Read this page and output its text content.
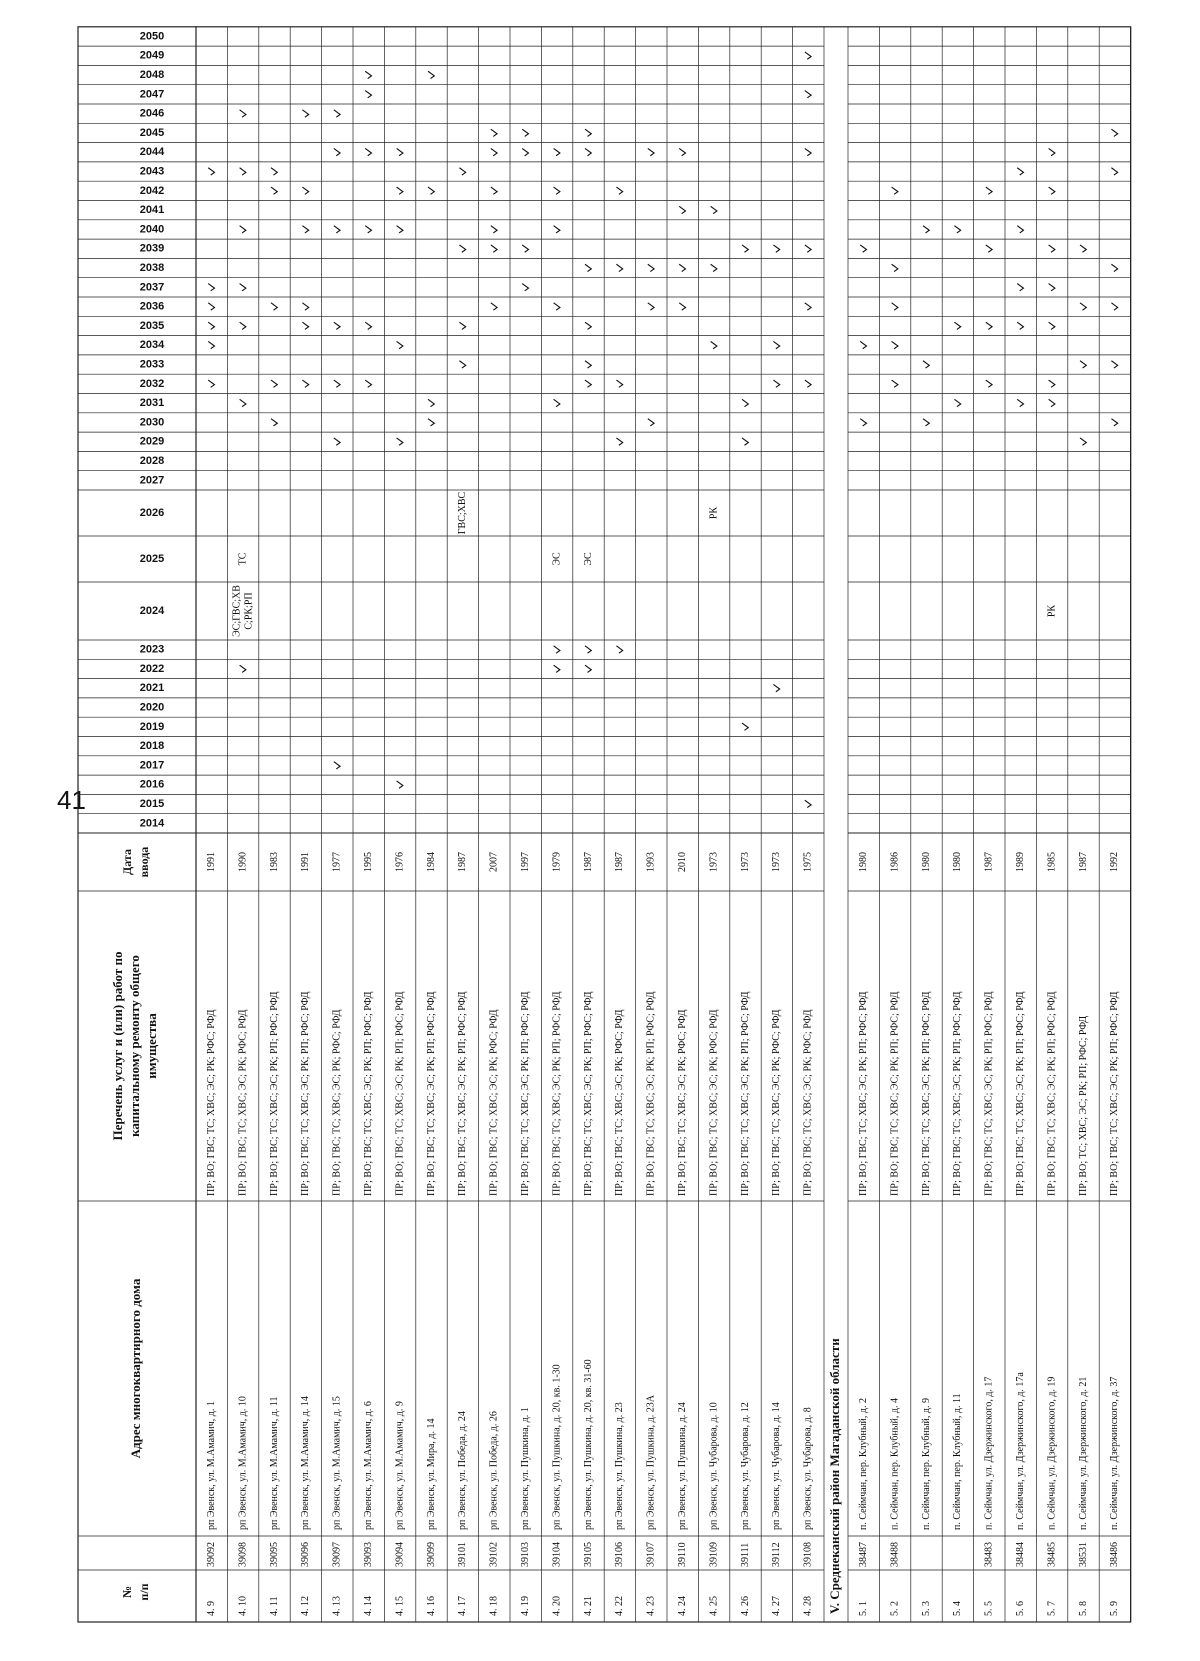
41
№ п/п
Адрес многоквартирного дома
Перечень услуг и (или) работ по капитальному ремонту общего имущества
Дата ввода
2014
2015
2016
2017
2018
2019
2020
2021
2022
2023
2024
2025
2026
2027
2028
2029
2030
2031
2032
2033
2034
2035
2036
2037
2038
2039
2040
2041
2042
2043
2044
2045
2046
2047
2048
2049
2050
4. 9
39092
рп Эвенск, ул. М.Амамич, д. 1
ПР; ВО; ГВС; ТС; ХВС; ЭС; РК; РФС; РФД
1991
4. 10
39098
рп Эвенск, ул. М.Амамич, д. 10
ПР; ВО; ГВС; ТС; ХВС; ЭС; РК; РФС; РФД
1990
ЭС;ГВС;ХВ С;РК;РП
ТС
4. 11
39095
рп Эвенск, ул. М.Амамич, д. 11
ПР; ВО; ГВС; ТС; ХВС; ЭС; РК; РП; РФС; РФД
1983
4. 12
39096
рп Эвенск, ул. М.Амамич, д. 14
ПР; ВО; ГВС; ТС; ХВС; ЭС; РК; РП; РФС; РФД
1991
4. 13
39097
рп Эвенск, ул. М.Амамич, д. 15
ПР; ВО; ГВС; ТС; ХВС; ЭС; РК; РФС; РФД
1977
4. 14
39093
рп Эвенск, ул. М.Амамич, д. 6
ПР; ВО; ГВС; ТС; ХВС; ЭС; РК; РП; РФС; РФД
1995
4. 15
39094
рп Эвенск, ул. М.Амамич, д. 9
ПР; ВО; ГВС; ТС; ХВС; ЭС; РК; РП; РФС; РФД
1976
4. 16
39099
рп Эвенск, ул. Мира, д. 14
ПР; ВО; ГВС; ТС; ХВС; ЭС; РК; РП; РФС; РФД
1984
4. 17
39101
рп Эвенск, ул. Победа, д. 24
ПР; ВО; ГВС; ТС; ХВС; ЭС; РК; РП; РФС; РФД
1987
ГВС;ХВС
4. 18
39102
рп Эвенск, ул. Победа, д. 26
ПР; ВО; ГВС; ТС; ХВС; ЭС; РК; РФС; РФД
2007
4. 19
39103
рп Эвенск, ул. Пушкина, д. 1
ПР; ВО; ГВС; ТС; ХВС; ЭС; РК; РП; РФС; РФД
1997
4. 20
39104
рп Эвенск, ул. Пушкина, д. 20, кв. 1-30
ПР; ВО; ГВС; ТС; ХВС; ЭС; РК; РП; РФС; РФД
1979
ЭС
4. 21
39105
рп Эвенск, ул. Пушкина, д. 20, кв. 31-60
ПР; ВО; ГВС; ТС; ХВС; ЭС; РК; РП; РФС; РФД
1987
ЭС
4. 22
39106
рп Эвенск, ул. Пушкина, д. 23
ПР; ВО; ГВС; ТС; ХВС; ЭС; РК; РФС; РФД
1987
4. 23
39107
рп Эвенск, ул. Пушкина, д. 23А
ПР; ВО; ГВС; ТС; ХВС; ЭС; РК; РП; РФС; РФД
1993
4. 24
39110
рп Эвенск, ул. Пушкина, д. 24
ПР; ВО; ГВС; ТС; ХВС; ЭС; РК; РФС; РФД
2010
4. 25
39109
рп Эвенск, ул. Чубарова, д. 10
ПР; ВО; ГВС; ТС; ХВС; ЭС; РК; РФС; РФД
1973
РК
4. 26
39111
рп Эвенск, ул. Чубарова, д. 12
ПР; ВО; ГВС; ТС; ХВС; ЭС; РК; РП; РФС; РФД
1973
4. 27
39112
рп Эвенск, ул. Чубарова, д. 14
ПР; ВО; ГВС; ТС; ХВС; ЭС; РК; РФС; РФД
1973
4. 28
39108
рп Эвенск, ул. Чубарова, д. 8
ПР; ВО; ГВС; ТС; ХВС; ЭС; РК; РФС; РФД
1975
V. Среднеканский район Магаданской области 5. 1
38487
п. Сеймчан, пер. Клубный, д. 2
ПР; ВО; ГВС; ТС; ХВС; ЭС; РК; РП; РФС; РФД
1980
5. 2
38488
п. Сеймчан, пер. Клубный, д. 4
ПР; ВО; ГВС; ТС; ХВС; ЭС; РК; РП; РФС; РФД
1986
5. 3
п. Сеймчан, пер. Клубный, д. 9
ПР; ВО; ГВС; ТС; ХВС; ЭС; РК; РП; РФС; РФД
1980
5. 4
п. Сеймчан, пер. Клубный, д. 11
ПР; ВО; ГВС; ТС; ХВС; ЭС; РК; РП; РФС; РФД
1980
5. 5
38483
п. Сеймчан, ул. Дзержинского, д. 17
ПР; ВО; ГВС; ТС; ХВС; ЭС; РК; РП; РФС; РФД
1987
5. 6
38484
п. Сеймчан, ул. Дзержинского, д. 17а
ПР; ВО; ГВС; ТС; ХВС; ЭС; РК; РП; РФС; РФД
1989
5. 7
38485
п. Сеймчан, ул. Дзержинского, д. 19
ПР; ВО; ГВС; ТС; ХВС; ЭС; РК; РП; РФС; РФД
1985
РК
5. 8
38531
п. Сеймчан, ул. Дзержинского, д. 21
ПР; ВО; ТС; ХВС; ЭС; РК; РП; РФС; РФД
1987
5. 9
38486
п. Сеймчан, ул. Дзержинского, д. 37
ПР; ВО; ГВС; ТС; ХВС; ЭС; РК; РП; РФС; РФД
1992
